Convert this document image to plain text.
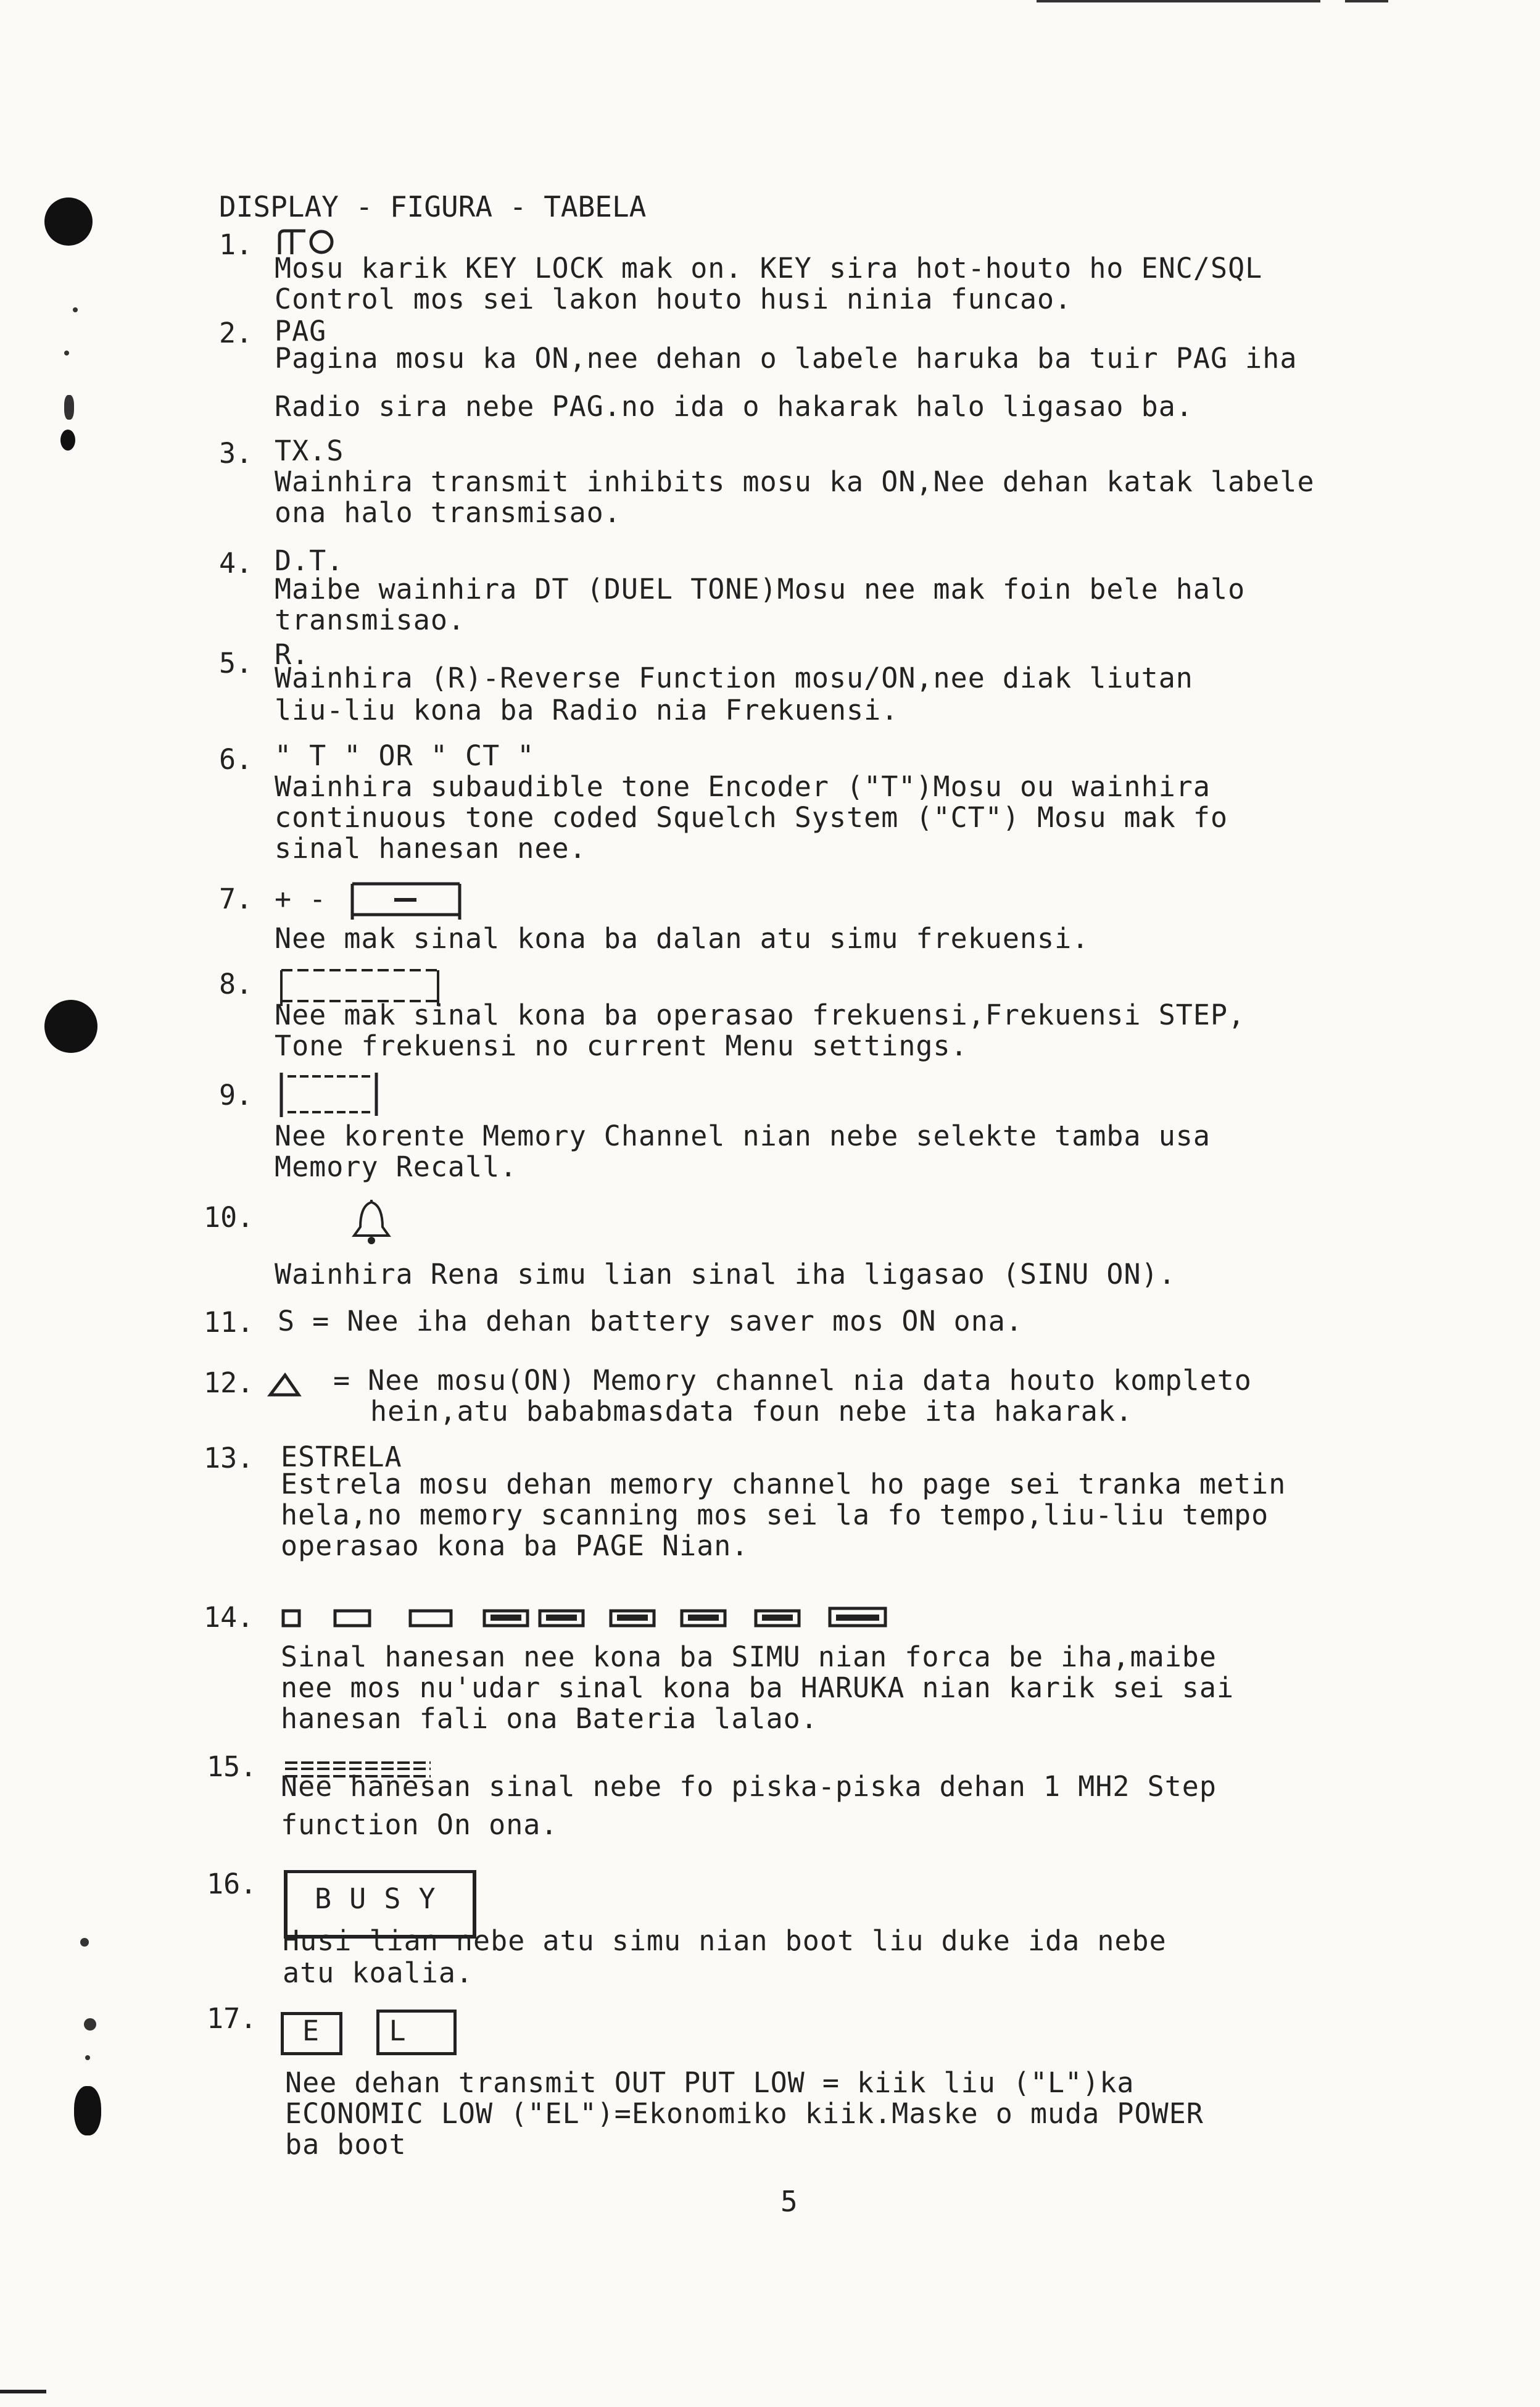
DISPLAY - FIGURA - TABELA
1.
Mosu karik KEY LOCK mak on. KEY sira hot-houto ho ENC/SQL
Control mos sei lakon houto husi ninia funcao.
2. PAG
Pagina mosu ka ON,nee dehan o labele haruka ba tuir PAG iha
Radio sira nebe PAG.no ida o hakarak halo ligasao ba.
3. TX.S
Wainhira transmit inhibits mosu ka ON,Nee dehan katak labele
ona halo transmisao.
4. D.T.
Maibe wainhira DT (DUEL TONE)Mosu nee mak foin bele halo
transmisao.
5. R.
Wainhira (R)-Reverse Function mosu/ON,nee diak liutan
liu-liu kona ba Radio nia Frekuensi.
6. " T " OR " CT "
Wainhira subaudible tone Encoder ("T")Mosu ou wainhira
continuous tone coded Squelch System ("CT") Mosu mak fo
sinal hanesan nee.
7. + -
Nee mak sinal kona ba dalan atu simu frekuensi.
8.
Nee mak sinal kona ba operasao frekuensi,Frekuensi STEP,
Tone frekuensi no current Menu settings.
9.
Nee korente Memory Channel nian nebe selekte tamba usa
Memory Recall.
10.
Wainhira Rena simu lian sinal iha ligasao (SINU ON).
11. S = Nee iha dehan battery saver mos ON ona.
12.	= Nee mosu(ON) Memory channel nia data houto kompleto
hein,atu bababmasdata foun nebe ita hakarak.
13. ESTRELA
Estrela mosu dehan memory channel ho page sei tranka metin
hela,no memory scanning mos sei la fo tempo,liu-liu tempo
operasao kona ba PAGE Nian.
14.
Sinal hanesan nee kona ba SIMU nian forca be iha,maibe
nee mos nu'udar sinal kona ba HARUKA nian karik sei sai
hanesan fali ona Bateria lalao.
15.
Nee hanesan sinal nebe fo piska-piska dehan 1 MH2 Step
function On ona.
16. B U S Y
Husi lian nebe atu simu nian boot liu duke ida nebe
atu koalia.
17. E    L
Nee dehan transmit OUT PUT LOW = kiik liu ("L")ka
ECONOMIC LOW ("EL")=Ekonomiko kiik.Maske o muda POWER
ba boot
5
